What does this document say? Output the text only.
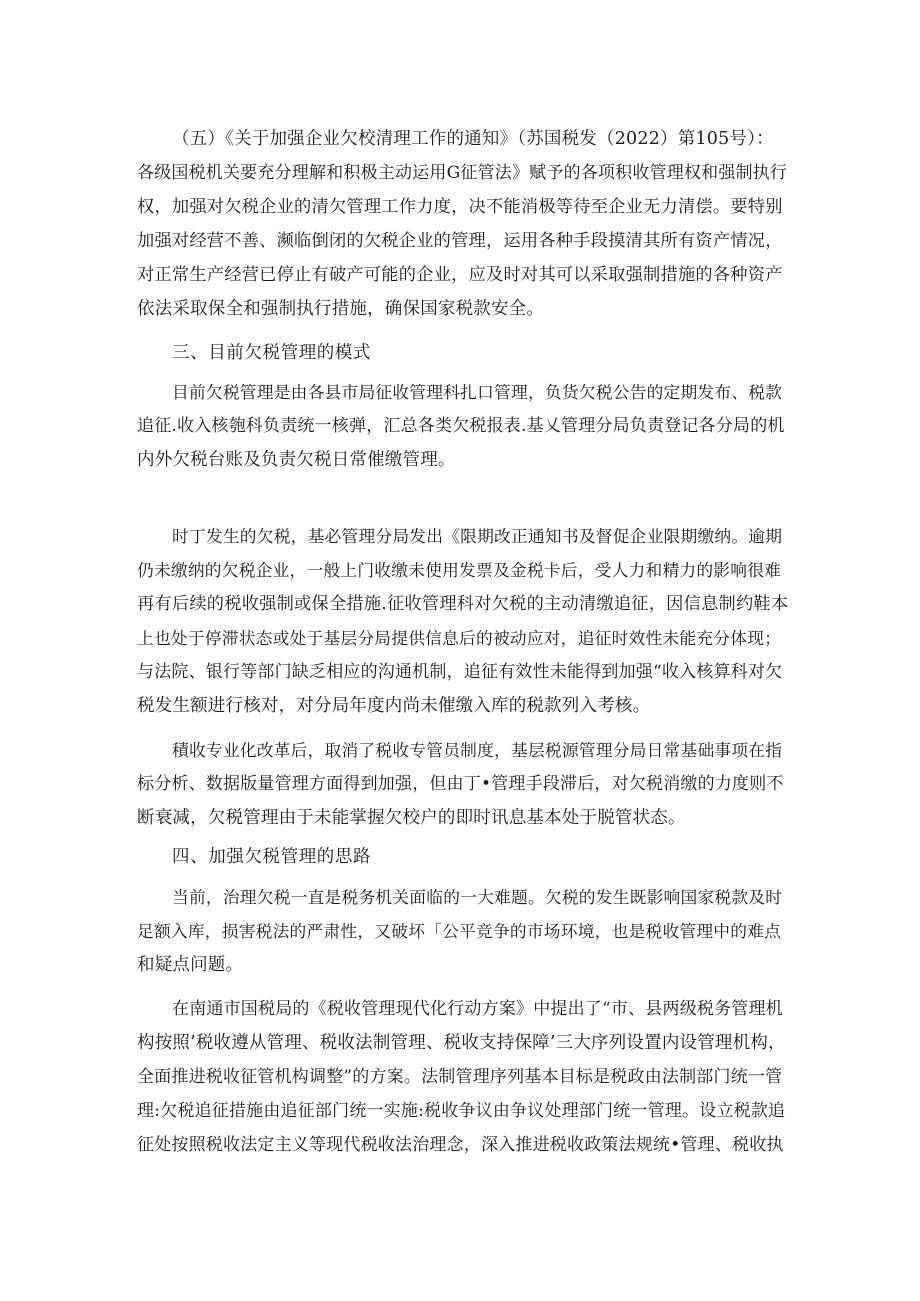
（五）《关于加强企业欠校清理工作的通知》（苏国税发（2022）第105号）：
各级国税机关要充分理解和积极主动运用G征管法》赋予的各项积收管理权和强制执行
权，加强对欠税企业的清欠管理工作力度，决不能消极等待至企业无力清偿。要特别
加强对经营不善、濒临倒闭的欠税企业的管理，运用各种手段摸清其所有资产情况，
对正常生产经营已停止有破产可能的企业，应及时对其可以采取强制措施的各种资产
依法采取保全和强制执行措施，确保国家税款安全。
三、目前欠税管理的模式
目前欠税管理是由各县市局征收管理科扎口管理，负货欠税公告的定期发布、税款
追征.收入核匏科负责统一核弹，汇总各类欠税报表.基乂管理分局负责登记各分局的机
内外欠税台账及负责欠税日常催缴管理。
时丁发生的欠税，基必管理分局发出《限期改正通知书及督促企业限期缴纳。逾期
仍未缴纳的欠税企业，一般上门收缴未使用发票及金税卡后，受人力和精力的影响很难
再有后续的税收强制或保全措施.征收管理科对欠税的主动清缴追征，因信息制约鞋本
上也处于停滞状态或处于基层分局提供信息后的被动应对，追征时效性未能充分体现；
与法院、银行等部门缺乏相应的沟通机制，追征有效性未能得到加强“收入核算科对欠
税发生额进行核对，对分局年度内尚未催缴入库的税款列入考核。
積收专业化改革后，取消了税收专管员制度，基层税源管理分局日常基础事项在指
标分析、数据版量管理方面得到加强，但由丁•管理手段滞后，对欠税消缴的力度则不
断衰减，欠税管理由于未能掌握欠校户的即时讯息基本处于脱管状态。
四、加强欠税管理的思路
当前，治理欠税一直是税务机关面临的一大难题。欠税的发生既影响国家税款及时
足额入库，损害税法的严肃性，又破坏「公平竞争的市场环境，也是税收管理中的难点
和疑点问题。
在南通市国税局的《税收管理现代化行动方案》中提出了“市、县两级税务管理机
构按照’税收遵从管理、税收法制管理、税收支持保障’三大序列设置内设管理机构，
全面推进税收征管机构调整”的方案。法制管理序列基本目标是税政由法制部门统一管
理:欠税追征措施由追征部门统一实施:税收争议由争议处理部门统一管理。设立税款追
征处按照税收法定主义等现代税收法治理念，深入推进税收政策法规统•管理、税收执
